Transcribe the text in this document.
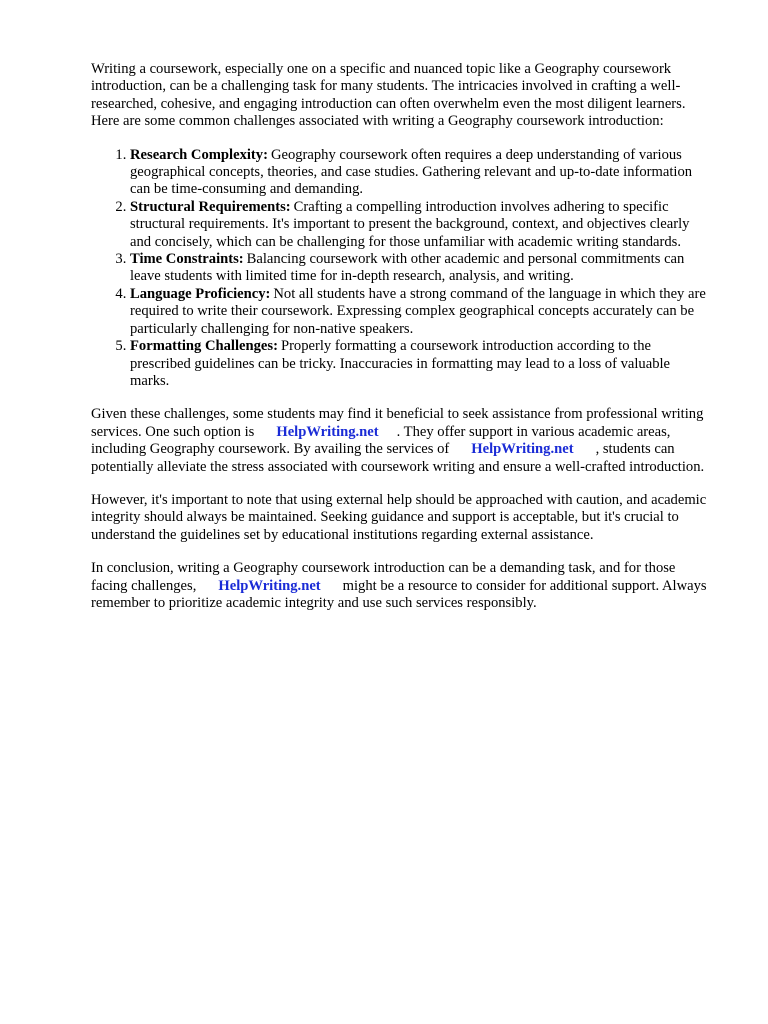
Writing a coursework, especially one on a specific and nuanced topic like a Geography coursework introduction, can be a challenging task for many students. The intricacies involved in crafting a well-researched, cohesive, and engaging introduction can often overwhelm even the most diligent learners. Here are some common challenges associated with writing a Geography coursework introduction:

1. Research Complexity: Geography coursework often requires a deep understanding of various geographical concepts, theories, and case studies. Gathering relevant and up-to-date information can be time-consuming and demanding.
2. Structural Requirements: Crafting a compelling introduction involves adhering to specific structural requirements. It's important to present the background, context, and objectives clearly and concisely, which can be challenging for those unfamiliar with academic writing standards.
3. Time Constraints: Balancing coursework with other academic and personal commitments can leave students with limited time for in-depth research, analysis, and writing.
4. Language Proficiency: Not all students have a strong command of the language in which they are required to write their coursework. Expressing complex geographical concepts accurately can be particularly challenging for non-native speakers.
5. Formatting Challenges: Properly formatting a coursework introduction according to the prescribed guidelines can be tricky. Inaccuracies in formatting may lead to a loss of valuable marks.

Given these challenges, some students may find it beneficial to seek assistance from professional writing services. One such option is HelpWriting.net . They offer support in various academic areas, including Geography coursework. By availing the services of HelpWriting.net , students can potentially alleviate the stress associated with coursework writing and ensure a well-crafted introduction.

However, it's important to note that using external help should be approached with caution, and academic integrity should always be maintained. Seeking guidance and support is acceptable, but it's crucial to understand the guidelines set by educational institutions regarding external assistance.

In conclusion, writing a Geography coursework introduction can be a demanding task, and for those facing challenges, HelpWriting.net might be a resource to consider for additional support. Always remember to prioritize academic integrity and use such services responsibly.
